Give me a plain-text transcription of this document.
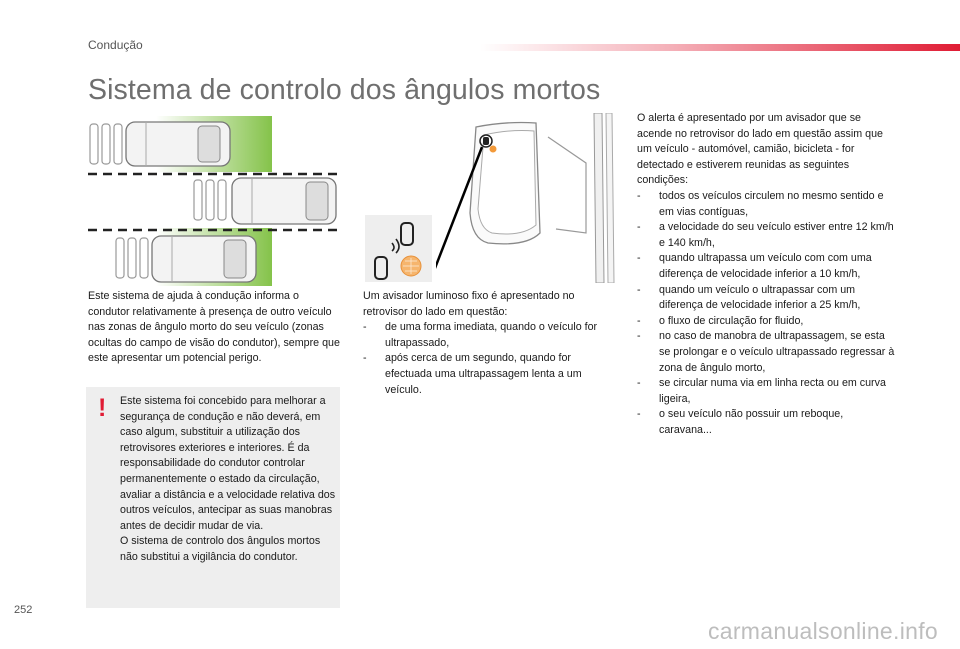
Condução
Sistema de controlo dos ângulos mortos

Este sistema de ajuda à condução informa o condutor relativamente à presença de outro veículo nas zonas de ângulo morto do seu veículo (zonas ocultas do campo de visão do condutor), sempre que este apresentar um potencial perigo.

! Este sistema foi concebido para melhorar a segurança de condução e não deverá, em caso algum, substituir a utilização dos retrovisores exteriores e interiores. É da responsabilidade do condutor controlar permanentemente o estado da circulação, avaliar a distância e a velocidade relativa dos outros veículos, antecipar as suas manobras antes de decidir mudar de via.

O sistema de controlo dos ângulos mortos não substitui a vigilância do condutor.

Um avisador luminoso fixo é apresentado no retrovisor do lado em questão:

- de uma forma imediata, quando o veículo for ultrapassado,
- após cerca de um segundo, quando for efectuada uma ultrapassagem lenta a um veículo.

O alerta é apresentado por um avisador que se acende no retrovisor do lado em questão assim que um veículo - automóvel, camião, bicicleta - for detectado e estiverem reunidas as seguintes condições:

- todos os veículos circulem no mesmo sentido e em vias contíguas,
- a velocidade do seu veículo estiver entre 12 km/h e 140 km/h,
- quando ultrapassa um veículo com com uma diferença de velocidade inferior a 10 km/h,
- quando um veículo o ultrapassar com um diferença de velocidade inferior a 25 km/h,
- o fluxo de circulação for fluido,
- no caso de manobra de ultrapassagem, se esta se prolongar e o veículo ultrapassado regressar à zona de ângulo morto,
- se circular numa via em linha recta ou em curva ligeira,
- o seu veículo não possuir um reboque, caravana...
252
carmanualsonline.info
